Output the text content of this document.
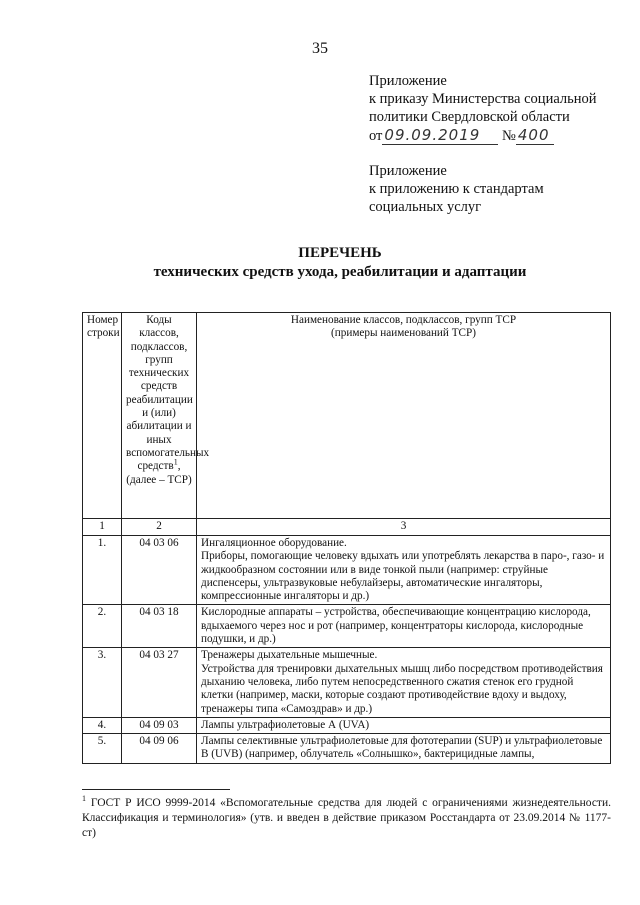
35
Приложение
к приказу Министерства социальной
политики Свердловской области
от 09.09.2019 № 400
Приложение
к приложению к стандартам
социальных услуг
ПЕРЕЧЕНЬ
технических средств ухода, реабилитации и адаптации
Номер строки	Коды классов, подклассов, групп технических средств реабилитации и (или) абилитации и иных вспомогательных средств$^1$, (далее – ТСР)	Наименование классов, подклассов, групп ТСР
(примеры наименований ТСР)

1	2	3
1.	04 03 06	Ингаляционное оборудование.
Приборы, помогающие человеку вдыхать или употреблять лекарства в паро-, газо- и жидкообразном состоянии или в виде тонкой пыли (например: струйные диспенсеры, ультразвуковые небулайзеры, автоматические ингаляторы, компрессионные ингаляторы и др.)

2.	04 03 18	Кислородные аппараты – устройства, обеспечивающие концентрацию кислорода, вдыхаемого через нос и рот (например, концентраторы кислорода, кислородные подушки, и др.)

3.	04 03 27	Тренажеры дыхательные мышечные.
Устройства для тренировки дыхательных мышц либо посредством противодействия дыханию человека, либо путем непосредственного сжатия стенок его грудной клетки (например, маски, которые создают противодействие вдоху и выдоху, тренажеры типа «Самоздрав» и др.)

4.	04 09 03	Лампы ультрафиолетовые А (UVA)

5.	04 09 06	Лампы селективные ультрафиолетовые для фототерапии (SUP) и ультрафиолетовые
В (UVB) (например, облучатель «Солнышко», бактерицидные лампы,
$^1$ ГОСТ Р ИСО 9999-2014 «Вспомогательные средства для людей с ограничениями жизнедеятельности. Классификация и терминология» (утв. и введен в действие приказом Росстандарта от 23.09.2014 № 1177-ст)
